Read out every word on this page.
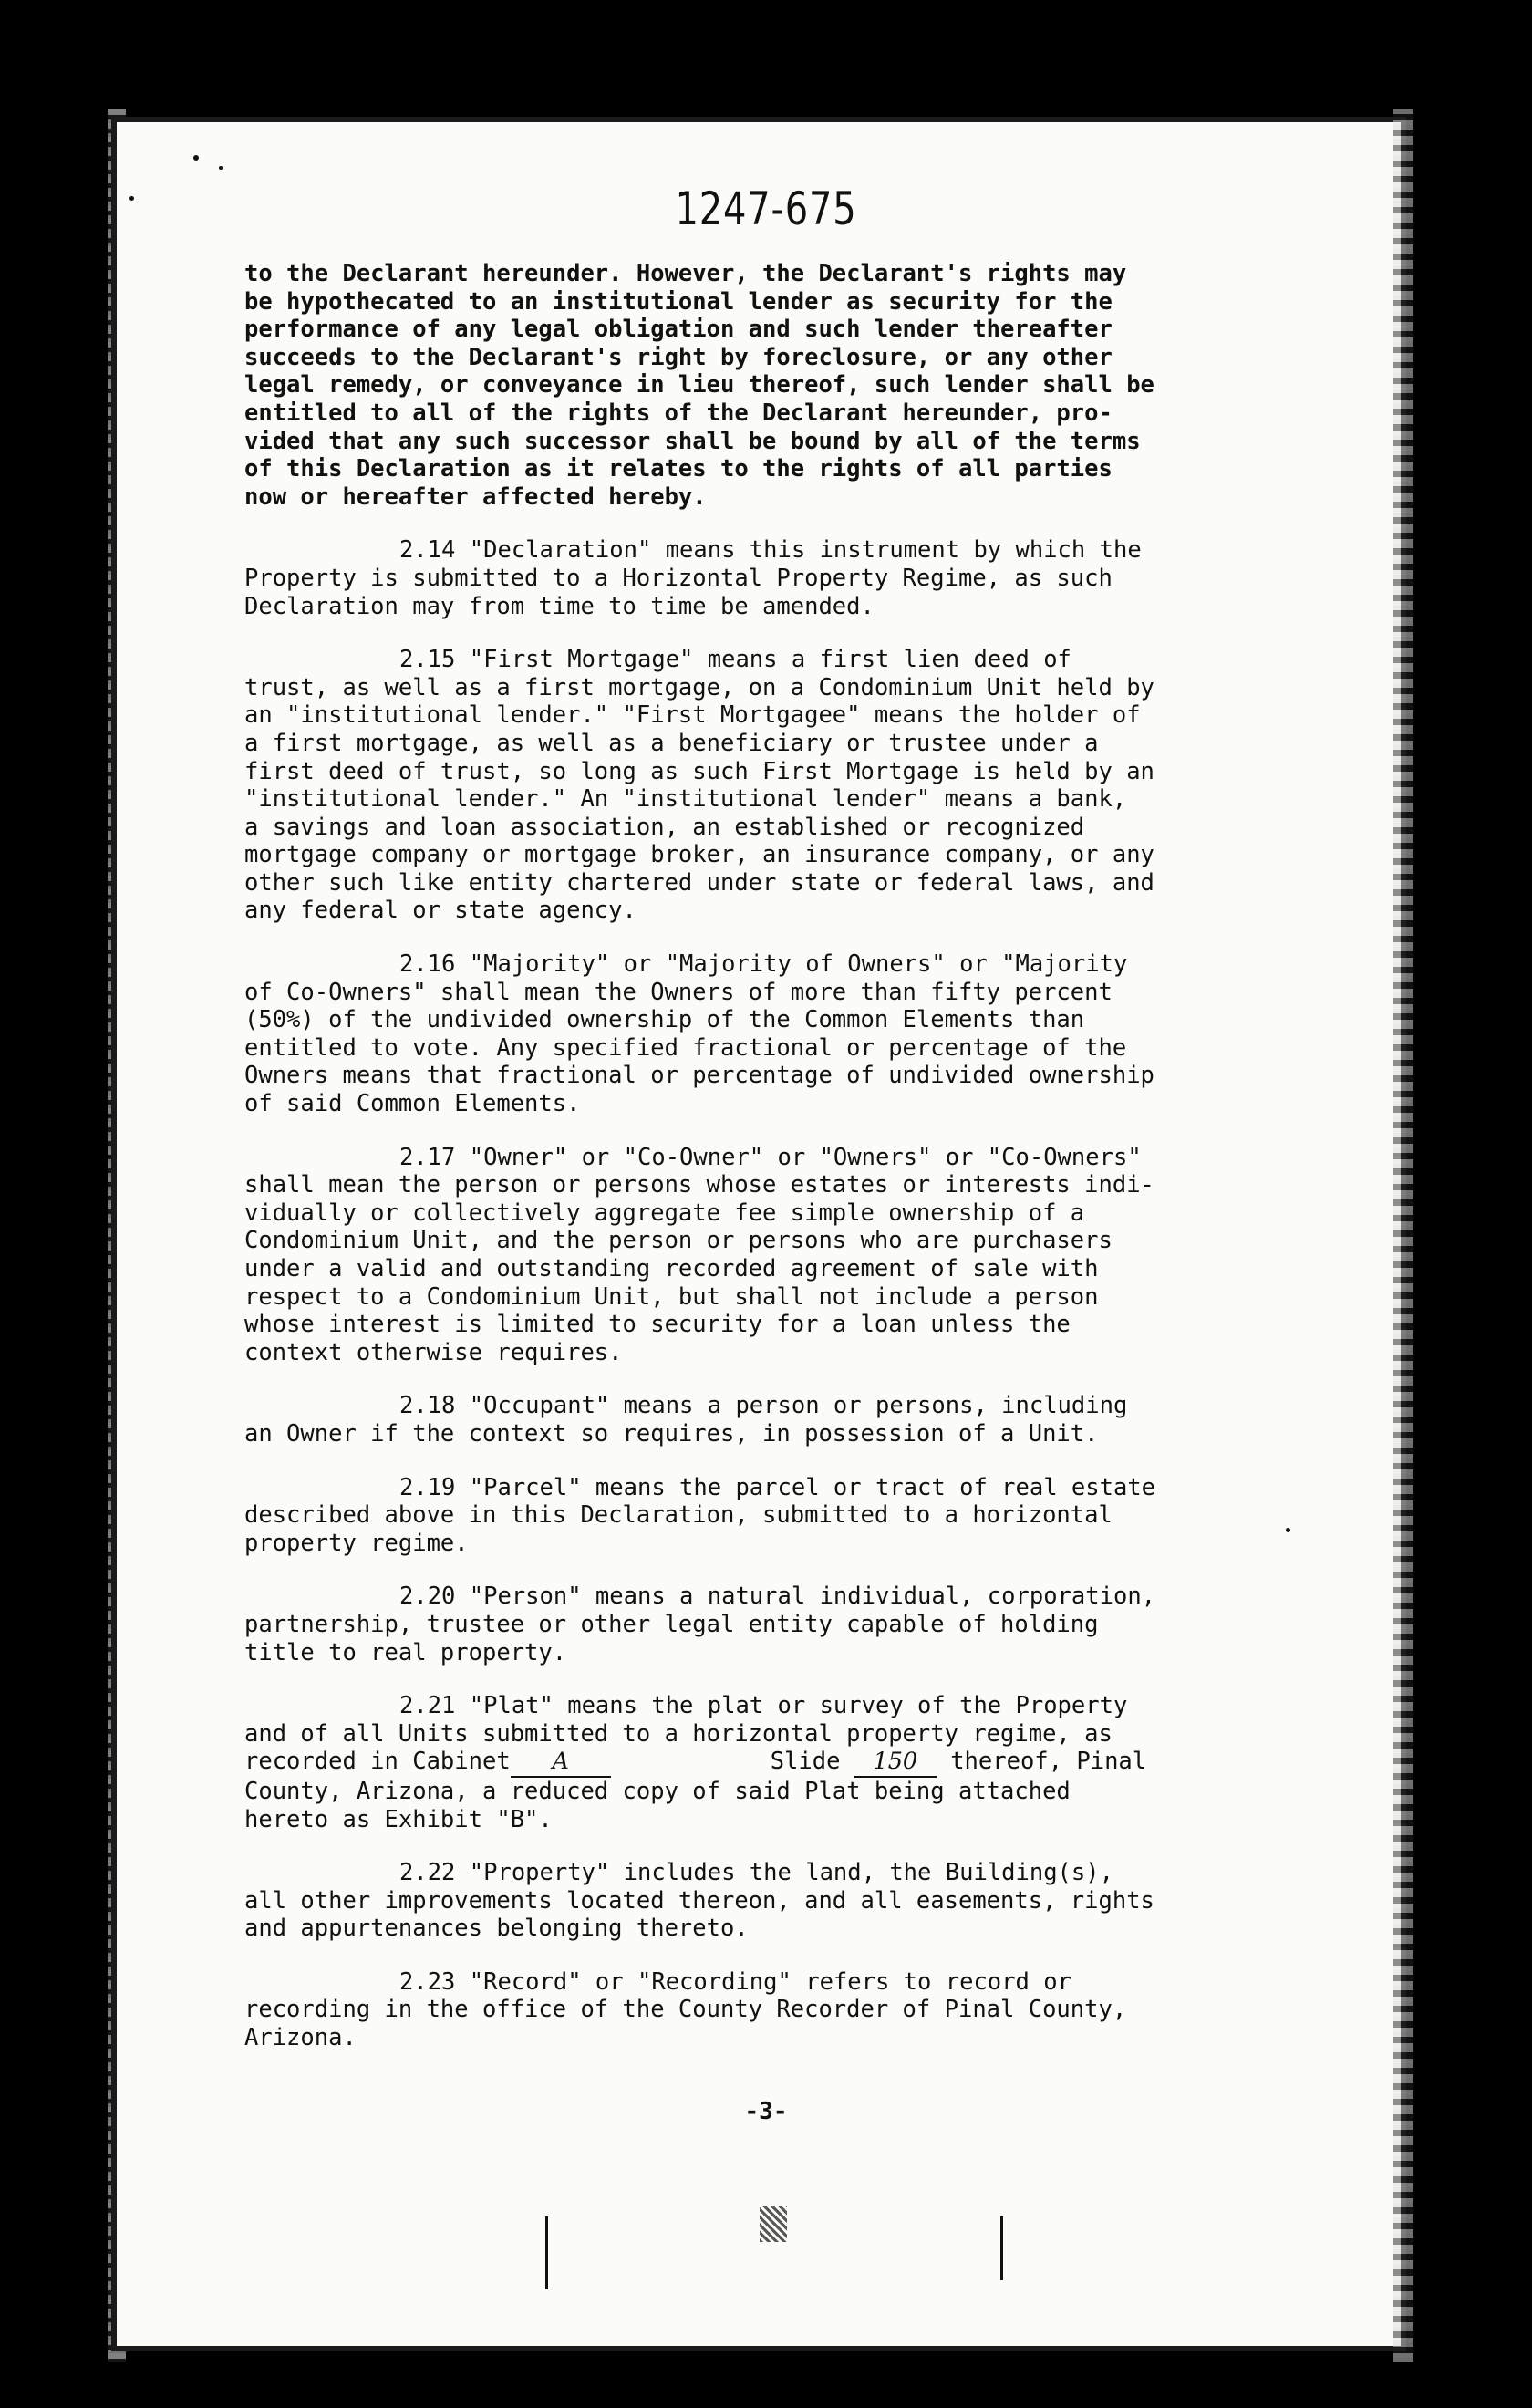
1247-675
to the Declarant hereunder. However, the Declarant's rights may
be hypothecated to an institutional lender as security for the
performance of any legal obligation and such lender thereafter
succeeds to the Declarant's right by foreclosure, or any other
legal remedy, or conveyance in lieu thereof, such lender shall be
entitled to all of the rights of the Declarant hereunder, pro-
vided that any such successor shall be bound by all of the terms
of this Declaration as it relates to the rights of all parties
now or hereafter affected hereby.
2.14 "Declaration" means this instrument by which the
Property is submitted to a Horizontal Property Regime, as such
Declaration may from time to time be amended.
2.15 "First Mortgage" means a first lien deed of
trust, as well as a first mortgage, on a Condominium Unit held by
an "institutional lender." "First Mortgagee" means the holder of
a first mortgage, as well as a beneficiary or trustee under a
first deed of trust, so long as such First Mortgage is held by an
"institutional lender." An "institutional lender" means a bank,
a savings and loan association, an established or recognized
mortgage company or mortgage broker, an insurance company, or any
other such like entity chartered under state or federal laws, and
any federal or state agency.
2.16 "Majority" or "Majority of Owners" or "Majority
of Co-Owners" shall mean the Owners of more than fifty percent
(50%) of the undivided ownership of the Common Elements than
entitled to vote. Any specified fractional or percentage of the
Owners means that fractional or percentage of undivided ownership
of said Common Elements.
2.17 "Owner" or "Co-Owner" or "Owners" or "Co-Owners"
shall mean the person or persons whose estates or interests indi-
vidually or collectively aggregate fee simple ownership of a
Condominium Unit, and the person or persons who are purchasers
under a valid and outstanding recorded agreement of sale with
respect to a Condominium Unit, but shall not include a person
whose interest is limited to security for a loan unless the
context otherwise requires.
2.18 "Occupant" means a person or persons, including
an Owner if the context so requires, in possession of a Unit.
2.19 "Parcel" means the parcel or tract of real estate
described above in this Declaration, submitted to a horizontal
property regime.
2.20 "Person" means a natural individual, corporation,
partnership, trustee or other legal entity capable of holding
title to real property.
2.21 "Plat" means the plat or survey of the Property
and of all Units submitted to a horizontal property regime, as
recorded in Cabinet A	Slide 150 thereof, Pinal
County, Arizona, a reduced copy of said Plat being attached
hereto as Exhibit "B".
2.22 "Property" includes the land, the Building(s),
all other improvements located thereon, and all easements, rights
and appurtenances belonging thereto.
2.23 "Record" or "Recording" refers to record or
recording in the office of the County Recorder of Pinal County,
Arizona.
-3-
